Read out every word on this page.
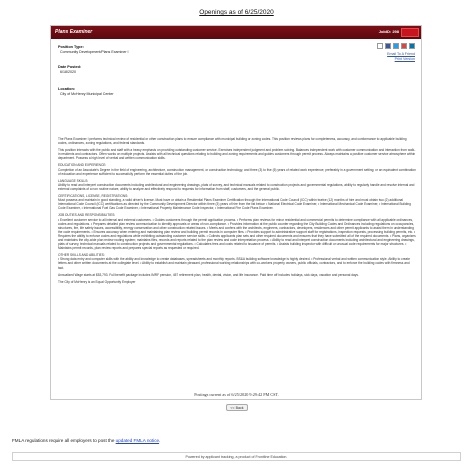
Openings as of 6/25/2020
Plans Examiner	JobID: 298
Email To A Friend
Print Version
Position Type:
Community Development/Plans Examiner I
Date Posted:
6/18/2020
Location:
City of McHenry Municipal Center

The Plans Examiner I performs technical review of residential or other construction plans to ensure compliance with municipal building or zoning codes. This position reviews plans for completeness, accuracy, and conformance to applicable building codes, ordinances, zoning regulations, and federal standards.

This position interacts with the public and staff with a heavy emphasis on providing outstanding customer service. Exercises independent judgment and problem solving. Balances independent work with customer communication and interaction from walk-in residents and contractors. Often works on multiple projects. Assists with all technical questions relating to building and zoning requirements and guides customers through permit process. Always maintains a positive customer service atmosphere within department. Possess a high level of verbal and written communication skills.

EDUCATION AND EXPERIENCE:

Completion of an Associate's Degree in the field of engineering, architecture, construction management, or construction technology, and three (3) to five (5) years of related work experience; preferably in a government setting; or an equivalent combination of education and experience sufficient to successfully perform the essential duties of the job.

LANGUAGE SKILLS:

Ability to read and interpret construction documents including architectural and engineering drawings, plats of survey, and technical manuals related to construction projects and governmental regulations, ability to regularly handle and resolve internal and external complaints of a non routine nature, ability to analyze and effectively respond to requests for information from staff, customers, and the general public.

CERTIFICATIONS, LICENSE, REGISTRATIONS:

Must possess and maintain in good standing, a valid driver's license. Must have or obtain a Residential Plans Examiner Certification through the International Code Council (ICC) within twelve (12) months of hire and must obtain two (2) additional International Code Council (ICC) certifications as directed by the Community Development Director within three (3) years of hire from the list below: • National Electrical Code Examiner, • International Mechanical Code Examiner, • International Building Code Examiner, • International Fuel Gas Code Examiner, • International Property Maintenance Code Inspector, • International Fire Code Plans Examiner.

JOB DUTIES AND RESPONSIBILITIES:

• Excellent customer service to all internal and external customers. • Guides customers through the permit application process. • Performs plan reviews for minor residential and commercial permits to determine compliance with all applicable ordinances, codes and regulations. • Prepares detailed plan review communication to identify approvals or areas of non-compliance. • Provides information at the public counter regarding the City Building Codes and Ordinances including regulations on occupancies, structures, fire, life safety issues, accessibility, energy conservation and other construction related issues. • Meets and confers with the architects, engineers, contractors, developers, residences and other permit applicants to assist them in understanding the code requirements. • Ensures accuracy when entering and maintaining plan review and building permit records in computer files. • Provides support to administrative support staff for registrations, inspection requests, processing building permits, etc. • Requires the ability to enforce codes and regulations while exhibiting outstanding customer service skills. • Collects applicants plan sets and other required documents and ensures that they have submitted all of the required documents. • Plans, organizes and maintains the city-wide plan review routing system; maintains files, records and reports related to the plan review and code interpretation process. • Ability to read and interpret construction documents including architectural and engineering drawings, plats of survey, technical manuals related to construction projects and governmental regulations. • Calculates fees and costs related to issuance of permits. • Assists building inspector with difficult or unusual code requirements for major structures. • Maintains permit records, plan review reports and prepares special reports as requested or required.

OTHER SKILLS AND ABILITIES:

• Strong data entry and computer skills with the ability and knowledge to create databases, spreadsheets and monthly reports. BS&A building software knowledge is highly desired. • Professional verbal and written communication style. Ability to create letters and other written documents at the collegiate level. • Ability to establish and maintain pleasant, professional working relationships with co-workers property owners, public officials, contractors, and to enforce the building codes with firmness and tact.

Annualized Wage starts at $53,793. Full benefit package includes IMRF pension, 457 retirement plan, health, dental, vision, and life insurance. Paid time off includes holidays, sick days, vacation and personal days.

The City of McHenry is an Equal Opportunity Employer

Postings current as of 6/25/2020 9:29:42 PM CST.
<< Back
FMLA regulations require all employers to post the updated FMLA notice.
Powered by applicant tracking, a product of Frontline Education.
